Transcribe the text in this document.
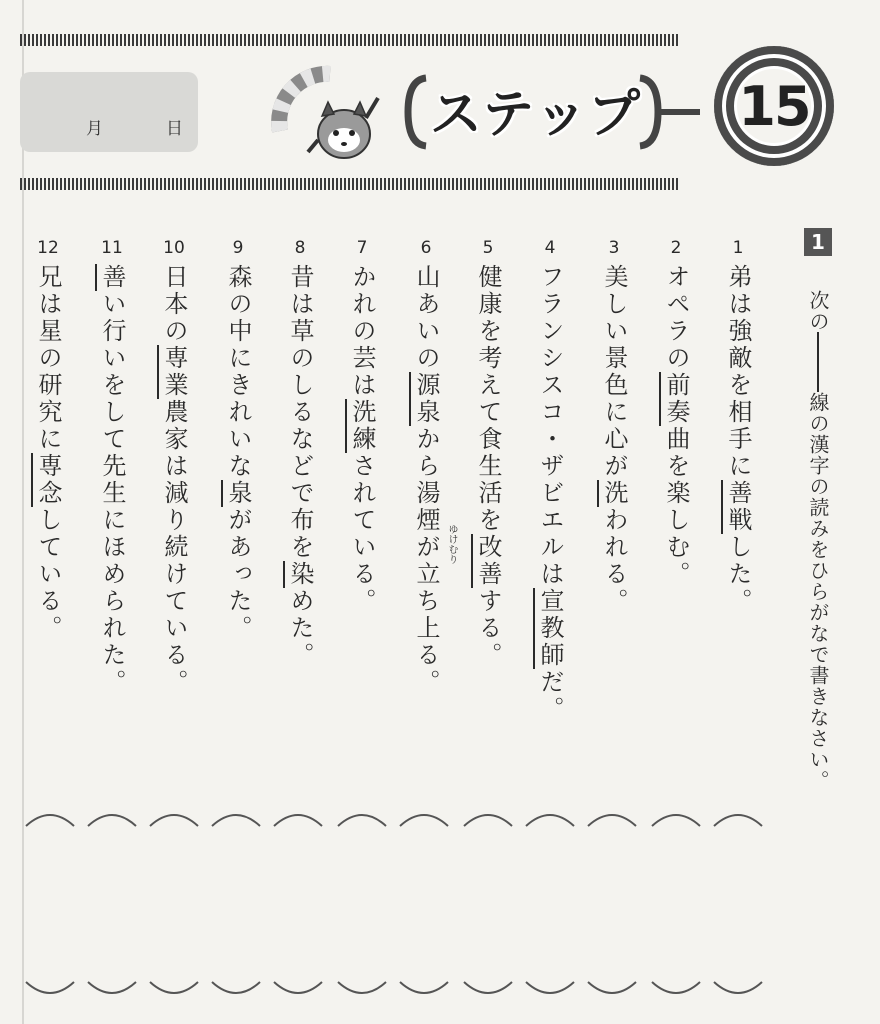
月	日	ステップ	15
1
次の線の漢字の読みをひらがなで書きなさい。
1
弟は強敵を相手に善戦した。
2
オペラの前奏曲を楽しむ。
3
美しい景色に心が洗われる。
4
フランシスコ・ザビエルは宣教師だ。
5
健康を考えて食生活を改善する。
6
山あいの源泉から湯煙が立ち上る。 ゆけむり
7
かれの芸は洗練されている。
8
昔は草のしるなどで布を染めた。
9
森の中にきれいな泉があった。
10
日本の専業農家は減り続けている。
11
善い行いをして先生にほめられた。
12
兄は星の研究に専念している。
